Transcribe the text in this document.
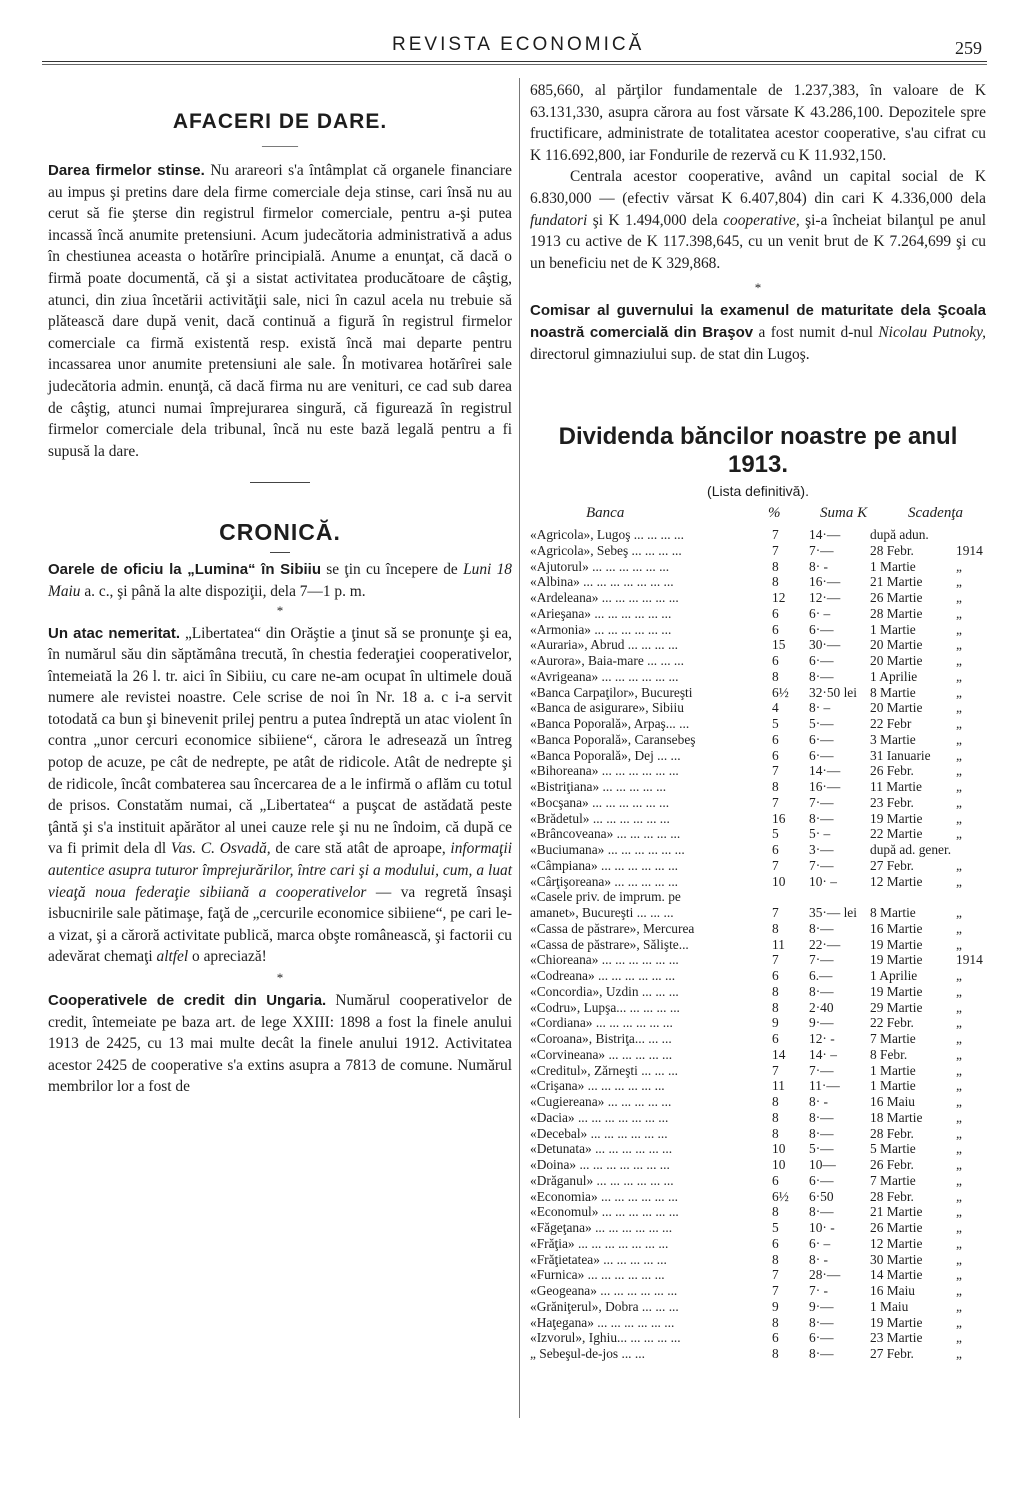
REVISTA ECONOMICĂ	259
AFACERI DE DARE.

———

Darea firmelor stinse. Nu arareori s'a întâmplat că organele financiare au impus şi pretins dare dela firme comerciale deja stinse, cari însă nu au cerut să fie şterse din registrul firmelor comerciale, pentru a-şi putea incassă încă anumite pretensiuni. Acum judecătoria administrativă a adus în chestiunea aceasta o hotărîre principială. Anume a enunţat, că dacă o firmă poate documentă, că şi a sistat activitatea producătoare de câştig, atunci, din ziua încetării activităţii sale, nici în cazul acela nu trebuie să plătească dare după venit, dacă continuă a figură în registrul firmelor comerciale ca firmă existentă resp. există încă mai departe pentru incassarea unor anumite pretensiuni ale sale. În motivarea hotărîrei sale judecătoria admin. enunţă, că dacă firma nu are venituri, ce cad sub darea de câştig, atunci numai împrejurarea singură, că figurează în registrul firmelor comerciale dela tribunal, încă nu este bază legală pentru a fi supusă la dare.

CRONICĂ.

Oarele de oficiu la „Lumina“ în Sibiiu se ţin cu începere de Luni 18 Maiu a. c., şi până la alte dispoziţii, dela 7—1 p. m.

*

Un atac nemeritat. „Libertatea“ din Orăştie a ţinut să se pronunţe şi ea, în numărul său din săptămâna trecută, în chestia federaţiei cooperativelor, întemeiată la 26 l. tr. aici în Sibiiu, cu care ne-am ocupat în ultimele două numere ale revistei noastre. Cele scrise de noi în Nr. 18 a. c i-a servit totodată ca bun şi binevenit prilej pentru a putea îndreptă un atac violent în contra „unor cercuri economice sibiiene“, cărora le adresează un întreg potop de acuze, pe cât de nedrepte, pe atât de ridicole. Atât de nedrepte şi de ridicole, încât combaterea sau încercarea de a le infirmă o aflăm cu totul de prisos. Constatăm numai, că „Libertatea“ a puşcat de astădată peste ţântă şi s'a instituit apărător al unei cauze rele şi nu ne îndoim, că după ce va fi primit dela dl Vas. C. Osvadă, de care stă atât de aproape, informaţii autentice asupra tuturor împrejurărilor, între cari şi a modului, cum, a luat vieaţă noua federaţie sibiiană a cooperativelor — va regretă însaşi isbucnirile sale pătimaşe, faţă de „cercurile economice sibiiene“, pe cari le-a vizat, şi a căroră activitate publică, marca obşte românească, şi factorii cu adevărat chemaţi altfel o apreciază!

*

Cooperativele de credit din Ungaria. Numărul cooperativelor de credit, întemeiate pe baza art. de lege XXIII: 1898 a fost la finele anului 1913 de 2425, cu 13 mai multe decât la finele anului 1912. Activitatea acestor 2425 de cooperative s'a extins asupra a 7813 de comune. Numărul membrilor lor a fost de

685,660, al părţilor fundamentale de 1.237,383, în valoare de K 63.131,330, asupra cărora au fost vărsate K 43.286,100. Depozitele spre fructificare, administrate de totalitatea acestor cooperative, s'au cifrat cu K 116.692,800, iar Fondurile de rezervă cu K 11.932,150.

Centrala acestor cooperative, având un capital social de K 6.830,000 — (efectiv vărsat K 6.407,804) din cari K 4.336,000 dela fundatori şi K 1.494,000 dela cooperative, şi-a încheiat bilanţul pe anul 1913 cu active de K 117.398,645, cu un venit brut de K 7.264,699 şi cu un beneficiu net de K 329,868.

*

Comisar al guvernului la examenul de maturitate dela Şcoala noastră comercială din Braşov a fost numit d-nul Nicolau Putnoky, directorul gimnaziului sup. de stat din Lugoş.

Dividenda băncilor noastre pe anul 1913.

(Lista definitivă).

Banca	%	Suma K	Scadenţa
«Agricola», Lugoş ... ... ... ...	7 14·— după adun.
«Agricola», Sebeş ... ... ... ...	7 7·—	28 Febr.	1914
«Ajutorul» ... ... ... ... ... ...	8 8· -	1 Martie	„
«Albina» ... ... ... ... ... ... ...	8 16·— 21 Martie	„
«Ardeleana» ... ... ... ... ... ...	12 12·— 26 Martie	„
«Arieşana» ... ... ... ... ... ...	6 6· –	28 Martie	„
«Armonia» ... ... ... ... ... ...	6 6·—	1 Martie	„
«Auraria», Abrud ... ... ... ...	15 30·— 20 Martie	„
«Aurora», Baia-mare ... ... ...	6 6·—	20 Martie	„
«Avrigeana» ... ... ... ... ... ...	8 8·—	1 Aprilie	„
«Banca Carpaţilor», Bucureşti	6½ 32·50 lei 8 Martie	„
«Banca de asigurare», Sibiiu	4 8· –	20 Martie	„
«Banca Poporală», Arpaş... ...	5 5·—	22 Febr	„
«Banca Poporală», Caransebeş	6 6·—	3 Martie	„
«Banca Poporală», Dej ... ...	6 6·—	31 Ianuarie „
«Bihoreana» ... ... ... ... ... ...	7 14·— 26 Febr.	„
«Bistriţiana» ... ... ... ... ...	8 16·— 11 Martie	„
«Bocşana» ... ... ... ... ... ...	7 7·—	23 Febr.	„
«Brădetul» ... ... ... ... ... ...	16 8·—	19 Martie	„
«Brâncoveana» ... ... ... ... ...	5 5· –	22 Martie	„
«Buciumana» ... ... ... ... ... ...	6 3·—	după ad. gener.
«Câmpiana» ... ... ... ... ... ...	7 7·—	27 Febr.	„
«Cârţişoreana» ... ... ... ... ...	10 10· – 12 Martie	„
«Casele priv. de imprum. pe
amanet», Bucureşti ... ... ...	7 35·— lei 8 Martie	„
«Cassa de păstrare», Mercurea	8 8·—	16 Martie	„
«Cassa de păstrare», Sălişte...	11 22·— 19 Martie	„
«Chioreana» ... ... ... ... ... ...	7 7·—	19 Martie	1914
«Codreana» ... ... ... ... ... ...	6 6.—	1 Aprilie	„
«Concordia», Uzdin ... ... ...	8 8·—	19 Martie	„
«Codru», Lupşa... ... ... ... ...	8 2·40	29 Martie	„
«Cordiana» ... ... ... ... ... ...	9 9·—	22 Febr.	„
«Coroana», Bistriţa... ... ...	6 12· -	7 Martie	„
«Corvineana» ... ... ... ... ...	14 14· – 8 Febr.	„
«Creditul», Zărneşti ... ... ...	7 7·—	1 Martie	„
«Crişana» ... ... ... ... ... ...	11 11·— 1 Martie	„
«Cugiereana» ... ... ... ... ...	8 8· -	16 Maiu	„
«Dacia» ... ... ... ... ... ... ...	8 8·—	18 Martie	„
«Decebal» ... ... ... ... ... ...	8 8·—	28 Febr.	„
«Detunata» ... ... ... ... ... ...	10 5·—	5 Martie	„
«Doina» ... ... ... ... ... ... ...	10 10—	26 Febr.	„
«Drăganul» ... ... ... ... ... ...	6 6·—	7 Martie	„
«Economia» ... ... ... ... ... ...	6½ 6·50	28 Febr.	„
«Economul» ... ... ... ... ... ...	8 8·—	21 Martie	„
«Făgeţana» ... ... ... ... ... ...	5 10· -	26 Martie	„
«Frăţia» ... ... ... ... ... ... ...	6 6· –	12 Martie	„
«Frăţietatea» ... ... ... ... ...	8 8· -	30 Martie	„
«Furnica» ... ... ... ... ... ...	7 28·— 14 Martie	„
«Geogeana» ... ... ... ... ... ...	7 7· -	16 Maiu	„
«Grăniţerul», Dobra ... ... ...	9 9·—	1 Maiu	„
«Haţegana» ... ... ... ... ... ...	8 8·—	19 Martie	„
«Izvorul», Ighiu... ... ... ... ...	6 6·—	23 Martie	„
„ Sebeşul-de-jos ... ...	8 8·—	27 Febr.	„
